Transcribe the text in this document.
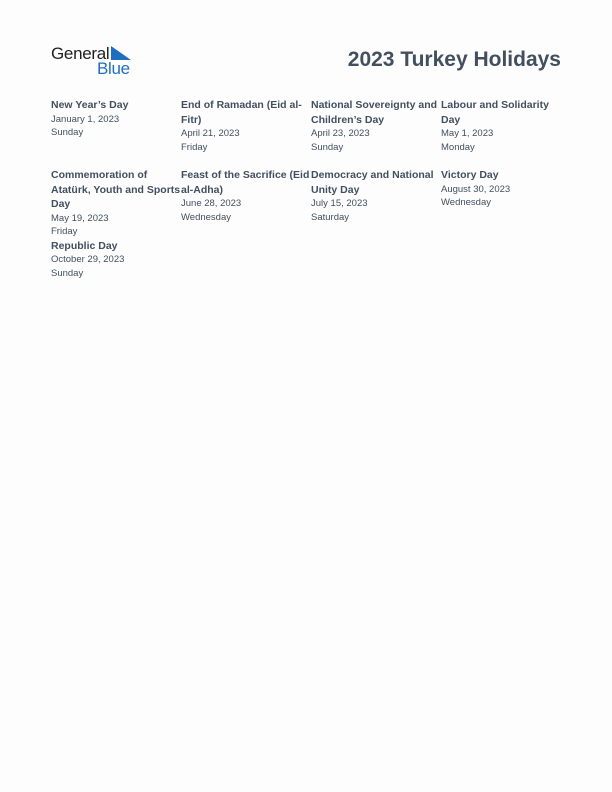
General
Blue	2023 Turkey Holidays
New Year’s Day
January 1, 2023
Sunday
End of Ramadan (Eid al-Fitr)
April 21, 2023
Friday
National Sovereignty and Children’s Day
April 23, 2023
Sunday
Labour and Solidarity Day
May 1, 2023
Monday
Commemoration of Atatürk, Youth and Sports Day
May 19, 2023
Friday
Republic Day
October 29, 2023
Sunday
Feast of the Sacrifice (Eid al-Adha)
June 28, 2023
Wednesday
Democracy and National Unity Day
July 15, 2023
Saturday
Victory Day
August 30, 2023
Wednesday
